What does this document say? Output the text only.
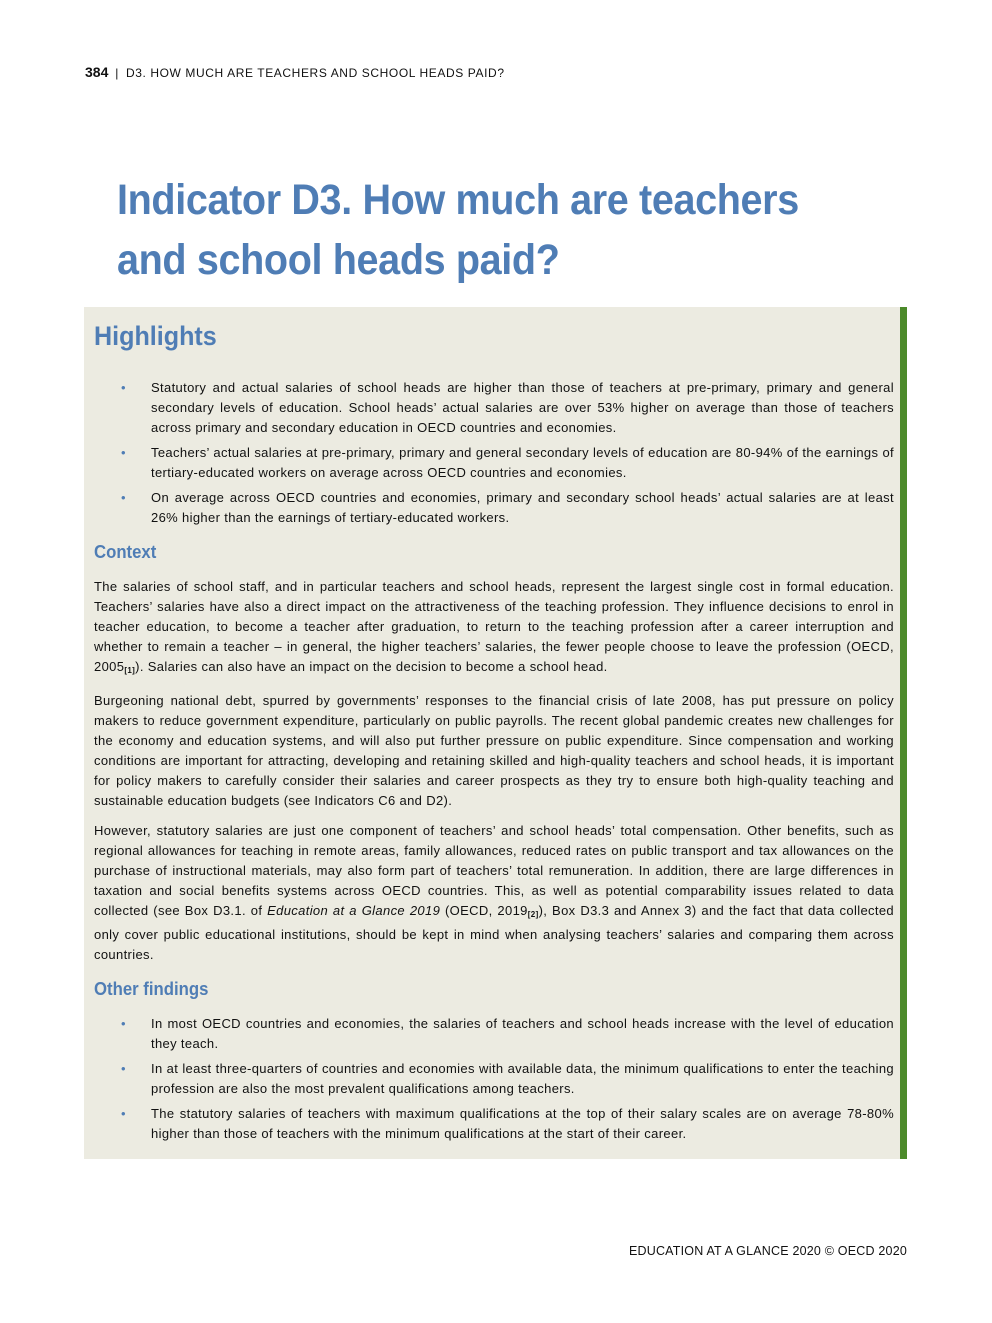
384 | D3. HOW MUCH ARE TEACHERS AND SCHOOL HEADS PAID?
Indicator D3. How much are teachers and school heads paid?
Highlights
• Statutory and actual salaries of school heads are higher than those of teachers at pre-primary, primary and general secondary levels of education. School heads’ actual salaries are over 53% higher on average than those of teachers across primary and secondary education in OECD countries and economies.
• Teachers’ actual salaries at pre-primary, primary and general secondary levels of education are 80-94% of the earnings of tertiary-educated workers on average across OECD countries and economies.
• On average across OECD countries and economies, primary and secondary school heads’ actual salaries are at least 26% higher than the earnings of tertiary-educated workers.
Context

The salaries of school staff, and in particular teachers and school heads, represent the largest single cost in formal education. Teachers’ salaries have also a direct impact on the attractiveness of the teaching profession. They influence decisions to enrol in teacher education, to become a teacher after graduation, to return to the teaching profession after a career interruption and whether to remain a teacher – in general, the higher teachers’ salaries, the fewer people choose to leave the profession (OECD, $2005_{[1]}$). Salaries can also have an impact on the decision to become a school head.

Burgeoning national debt, spurred by governments’ responses to the financial crisis of late 2008, has put pressure on policy makers to reduce government expenditure, particularly on public payrolls. The recent global pandemic creates new challenges for the economy and education systems, and will also put further pressure on public expenditure. Since compensation and working conditions are important for attracting, developing and retaining skilled and high-quality teachers and school heads, it is important for policy makers to carefully consider their salaries and career prospects as they try to ensure both high-quality teaching and sustainable education budgets (see Indicators C6 and D2).

However, statutory salaries are just one component of teachers’ and school heads’ total compensation. Other benefits, such as regional allowances for teaching in remote areas, family allowances, reduced rates on public transport and tax allowances on the purchase of instructional materials, may also form part of teachers’ total remuneration. In addition, there are large differences in taxation and social benefits systems across OECD countries. This, as well as potential comparability issues related to data collected (see Box D3.1. of Education at a Glance 2019 (OECD, $2019_{[2]}$), Box D3.3 and Annex 3) and the fact that data collected only cover public educational institutions, should be kept in mind when analysing teachers’ salaries and comparing them across countries.

Other findings
• In most OECD countries and economies, the salaries of teachers and school heads increase with the level of education they teach.
• In at least three-quarters of countries and economies with available data, the minimum qualifications to enter the teaching profession are also the most prevalent qualifications among teachers.
• The statutory salaries of teachers with maximum qualifications at the top of their salary scales are on average 78-80% higher than those of teachers with the minimum qualifications at the start of their career.
EDUCATION AT A GLANCE 2020 © OECD 2020
